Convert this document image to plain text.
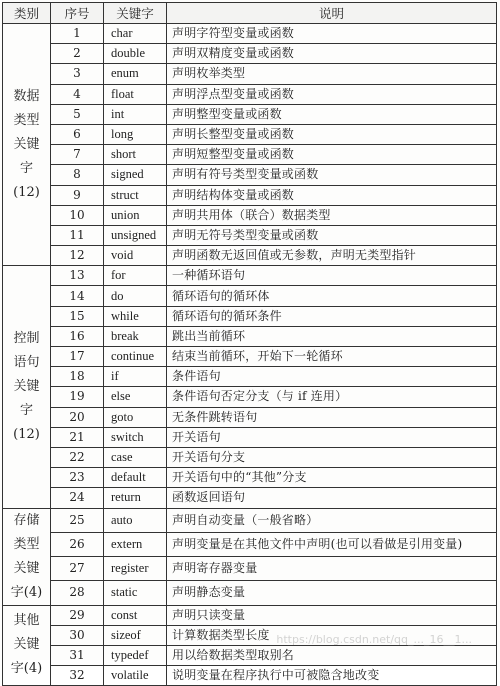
类别	序号	关键字	说明

数据
类型
关键
字
(12)	1	char	声明字符型变量或函数
	2	double	声明双精度变量或函数
	3	enum	声明枚举类型
	4	float	声明浮点型变量或函数
	5	int	声明整型变量或函数
	6	long	声明长整型变量或函数
	7	short	声明短整型变量或函数
	8	signed	声明有符号类型变量或函数
	9	struct	声明结构体变量或函数
	10	union	声明共用体（联合）数据类型
	11	unsigned	声明无符号类型变量或函数
	12	void	声明函数无返回值或无参数，声明无类型指针

控制
语句
关键
字
(12)	13	for	一种循环语句
	14	do	循环语句的循环体
	15	while	循环语句的循环条件
	16	break	跳出当前循环
	17	continue	结束当前循环，开始下一轮循环
	18	if	条件语句
	19	else	条件语句否定分支（与 if 连用）
	20	goto	无条件跳转语句
	21	switch	开关语句
	22	case	开关语句分支
	23	default	开关语句中的“其他”分支
	24	return	函数返回语句

存储
类型
关键
字(4)	25	auto	声明自动变量（一般省略）
	26	extern	声明变量是在其他文件中声明(也可以看做是引用变量)
	27	register	声明寄存器变量
	28	static	声明静态变量

其他
关键
字(4)	29	const	声明只读变量
	30	sizeof	计算数据类型长度
	31	typedef	用以给数据类型取别名
	32	volatile	说明变量在程序执行中可被隐含地改变
https://blog.csdn.net/qq_..._16__1...
